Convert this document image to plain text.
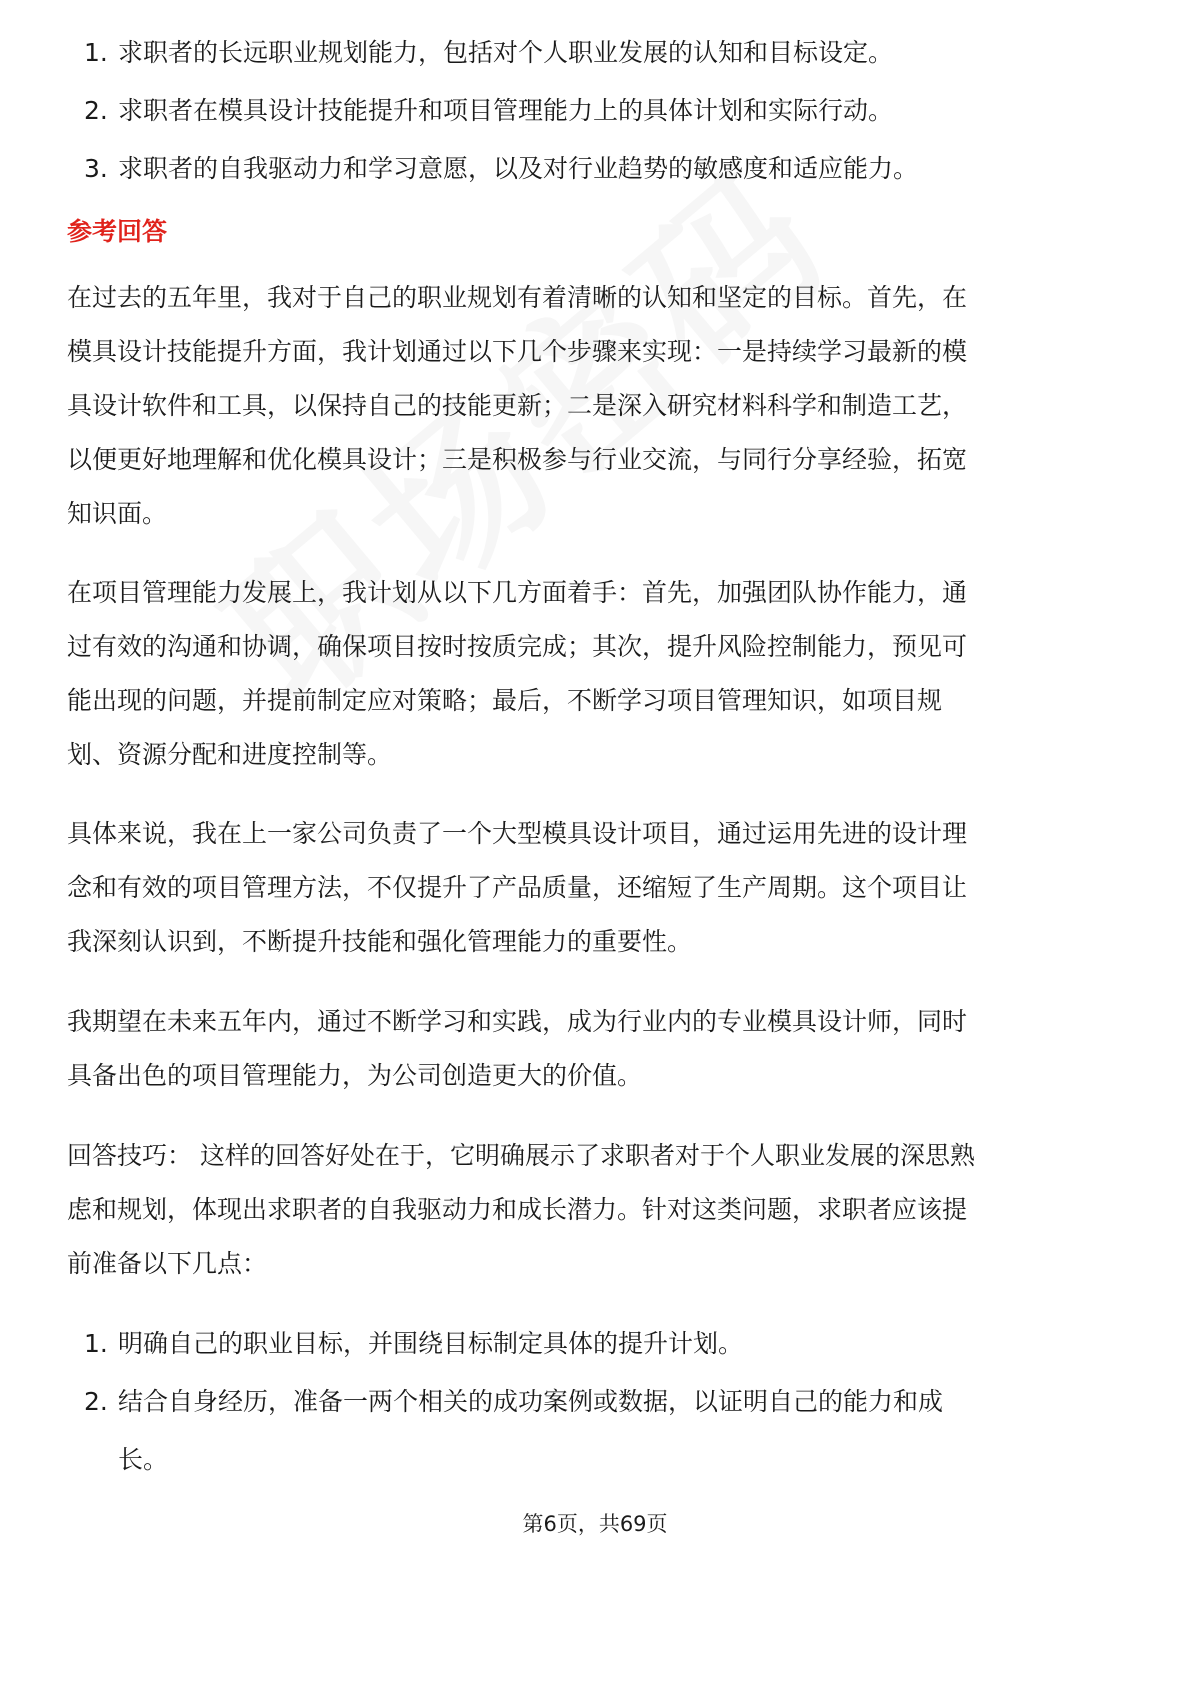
1. 求职者的长远职业规划能力，包括对个人职业发展的认知和目标设定。
2. 求职者在模具设计技能提升和项目管理能力上的具体计划和实际行动。
3. 求职者的自我驱动力和学习意愿，以及对行业趋势的敏感度和适应能力。
参考回答
在过去的五年里，我对于自己的职业规划有着清晰的认知和坚定的目标。首先，在
模具设计技能提升方面，我计划通过以下几个步骤来实现：一是持续学习最新的模
具设计软件和工具，以保持自己的技能更新；二是深入研究材料科学和制造工艺，
以便更好地理解和优化模具设计；三是积极参与行业交流，与同行分享经验，拓宽
知识面。
在项目管理能力发展上，我计划从以下几方面着手：首先，加强团队协作能力，通
过有效的沟通和协调，确保项目按时按质完成；其次，提升风险控制能力，预见可
能出现的问题，并提前制定应对策略；最后，不断学习项目管理知识，如项目规
划、资源分配和进度控制等。
具体来说，我在上一家公司负责了一个大型模具设计项目，通过运用先进的设计理
念和有效的项目管理方法，不仅提升了产品质量，还缩短了生产周期。这个项目让
我深刻认识到，不断提升技能和强化管理能力的重要性。
我期望在未来五年内，通过不断学习和实践，成为行业内的专业模具设计师，同时
具备出色的项目管理能力，为公司创造更大的价值。
回答技巧： 这样的回答好处在于，它明确展示了求职者对于个人职业发展的深思熟
虑和规划，体现出求职者的自我驱动力和成长潜力。针对这类问题，求职者应该提
前准备以下几点：
1. 明确自己的职业目标，并围绕目标制定具体的提升计划。
2. 结合自身经历，准备一两个相关的成功案例或数据，以证明自己的能力和成
长。
第6页，共69页
